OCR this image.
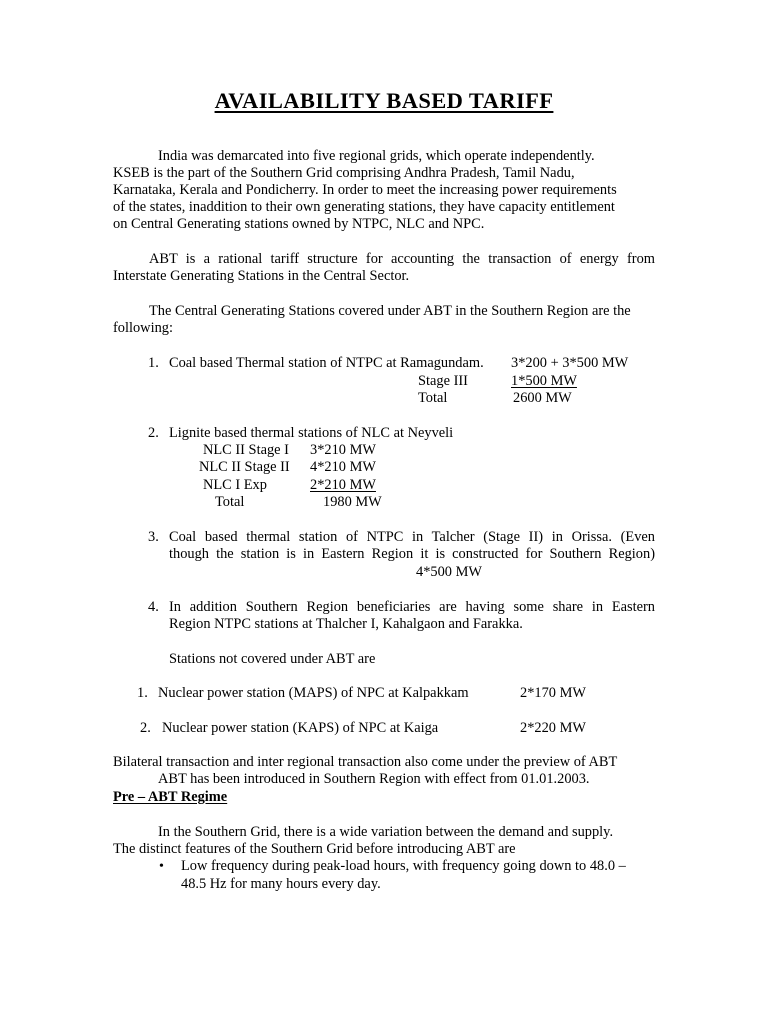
AVAILABILITY BASED TARIFF
India was demarcated into five regional grids, which operate independently.
KSEB is the part of the Southern Grid comprising Andhra Pradesh, Tamil Nadu,
Karnataka, Kerala and Pondicherry. In order to meet the increasing power requirements
of the states, inaddition to their own generating stations, they have capacity entitlement
on Central Generating stations owned by NTPC, NLC and NPC.
ABT is a rational tariff structure for accounting the transaction of energy from
Interstate Generating Stations in the Central Sector.
The Central Generating Stations covered under ABT in the Southern Region are the
following:
1. Coal based Thermal station of NTPC at Ramagundam. 3*200 + 3*500 MW
Stage III	1*500 MW
Total	2600 MW
2. Lignite based thermal stations of NLC at Neyveli
NLC II Stage I 3*210 MW
NLC II Stage II 4*210 MW
NLC I Exp	2*210 MW
Total	1980 MW
3. Coal based thermal station of NTPC in Talcher (Stage II) in Orissa. (Even
though the station is in Eastern Region it is constructed for Southern Region)
4*500 MW
4. In addition Southern Region beneficiaries are having some share in Eastern
Region NTPC stations at Thalcher I, Kahalgaon and Farakka.
Stations not covered under ABT are
1. Nuclear power station (MAPS) of NPC at Kalpakkam	2*170 MW
2. Nuclear power station (KAPS) of NPC at Kaiga	2*220 MW
Bilateral transaction and inter regional transaction also come under the preview of ABT
ABT has been introduced in Southern Region with effect from 01.01.2003.
Pre – ABT Regime
In the Southern Grid, there is a wide variation between the demand and supply.
The distinct features of the Southern Grid before introducing ABT are
• Low frequency during peak-load hours, with frequency going down to 48.0 –
48.5 Hz for many hours every day.
